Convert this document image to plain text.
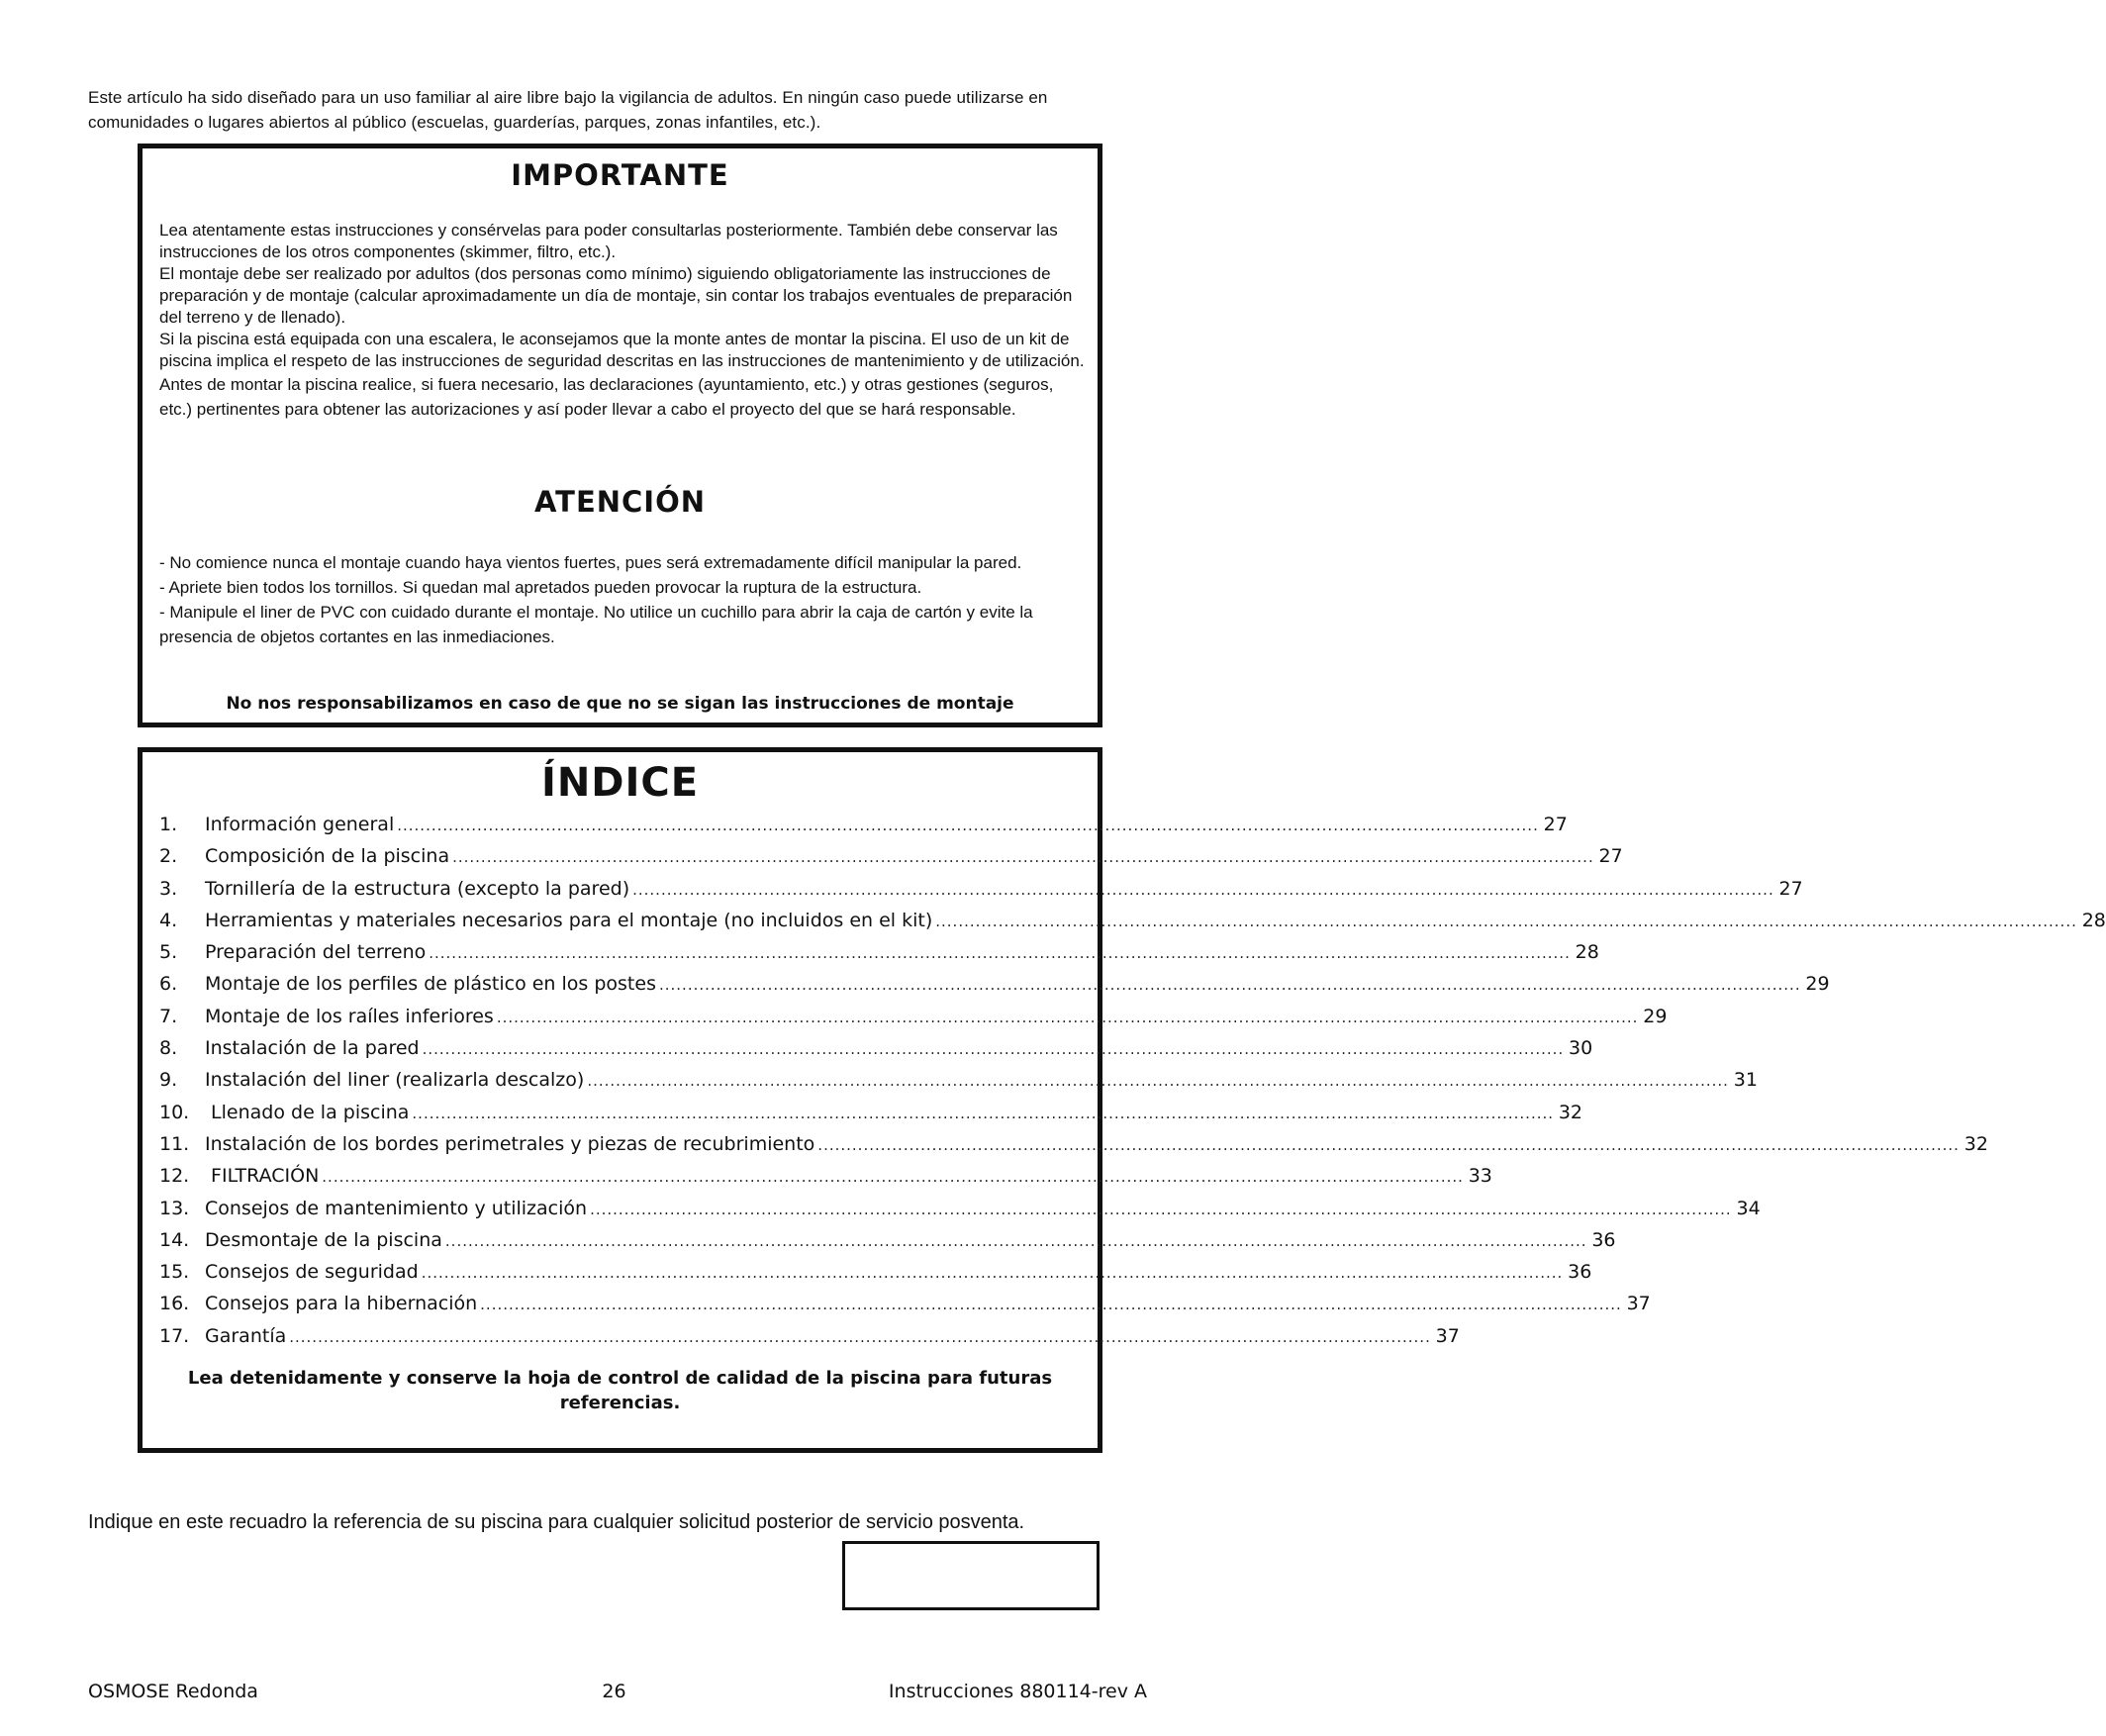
Este artículo ha sido diseñado para un uso familiar al aire libre bajo la vigilancia de adultos. En ningún caso puede utilizarse en comunidades o lugares abiertos al público (escuelas, guarderías, parques, zonas infantiles, etc.).
IMPORTANTE

Lea atentamente estas instrucciones y consérvelas para poder consultarlas posteriormente. También debe conservar las instrucciones de los otros componentes (skimmer, filtro, etc.).

El montaje debe ser realizado por adultos (dos personas como mínimo) siguiendo obligatoriamente las instrucciones de preparación y de montaje (calcular aproximadamente un día de montaje, sin contar los trabajos eventuales de preparación del terreno y de llenado).

Si la piscina está equipada con una escalera, le aconsejamos que la monte antes de montar la piscina. El uso de un kit de piscina implica el respeto de las instrucciones de seguridad descritas en las instrucciones de mantenimiento y de utilización.

Antes de montar la piscina realice, si fuera necesario, las declaraciones (ayuntamiento, etc.) y otras gestiones (seguros, etc.) pertinentes para obtener las autorizaciones y así poder llevar a cabo el proyecto del que se hará responsable.

ATENCIÓN

- No comience nunca el montaje cuando haya vientos fuertes, pues será extremadamente difícil manipular la pared.

- Apriete bien todos los tornillos. Si quedan mal apretados pueden provocar la ruptura de la estructura.

- Manipule el liner de PVC con cuidado durante el montaje. No utilice un cuchillo para abrir la caja de cartón y evite la presencia de objetos cortantes en las inmediaciones.

No nos responsabilizamos en caso de que no se sigan las instrucciones de montaje
ÍNDICE
1.	Información general ........................................................................................................................................................................................................ 27
2.	Composición de la piscina ........................................................................................................................................................................................................ 27
3.	Tornillería de la estructura (excepto la pared) ........................................................................................................................................................................................................ 27
4.	Herramientas y materiales necesarios para el montaje (no incluidos en el kit) ........................................................................................................................................................................................................ 28
5.	Preparación del terreno ........................................................................................................................................................................................................ 28
6.	Montaje de los perfiles de plástico en los postes ........................................................................................................................................................................................................ 29
7.	Montaje de los raíles inferiores ........................................................................................................................................................................................................ 29
8.	Instalación de la pared ........................................................................................................................................................................................................ 30
9.	Instalación del liner (realizarla descalzo) ........................................................................................................................................................................................................ 31
10. Llenado de la piscina ........................................................................................................................................................................................................ 32
11. Instalación de los bordes perimetrales y piezas de recubrimiento ........................................................................................................................................................................................................ 32
12. FILTRACIÓN ........................................................................................................................................................................................................ 33
13. Consejos de mantenimiento y utilización ........................................................................................................................................................................................................ 34
14. Desmontaje de la piscina ........................................................................................................................................................................................................ 36
15. Consejos de seguridad ........................................................................................................................................................................................................ 36
16. Consejos para la hibernación ........................................................................................................................................................................................................ 37
17. Garantía ........................................................................................................................................................................................................ 37
Lea detenidamente y conserve la hoja de control de calidad de la piscina para futuras referencias.
Indique en este recuadro la referencia de su piscina para cualquier solicitud posterior de servicio posventa.
OSMOSE Redonda	26	Instrucciones 880114-rev A
